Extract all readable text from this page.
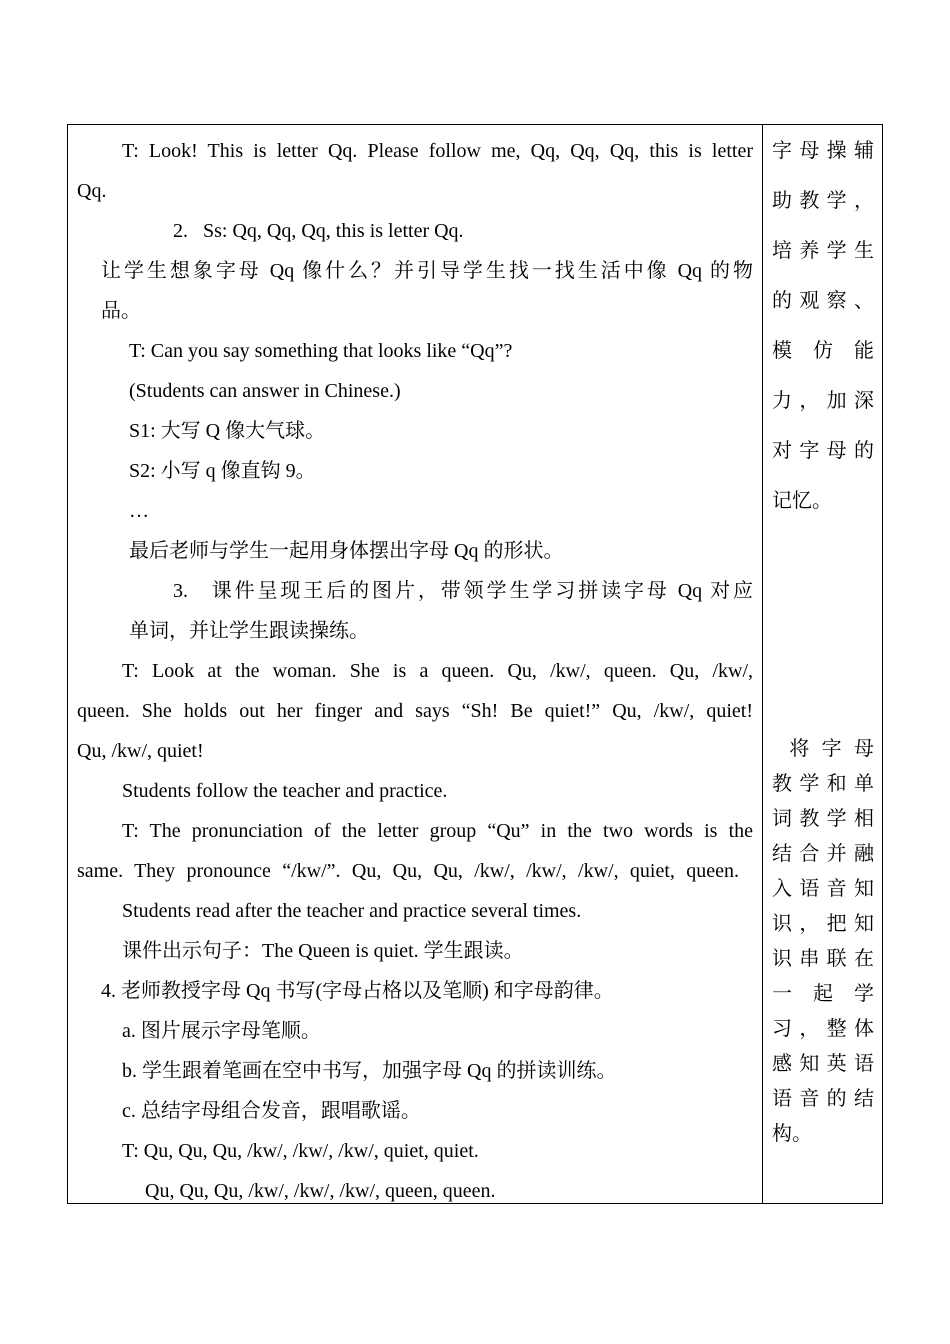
T: Look! This is letter Qq. Please follow me, Qq, Qq, Qq, this is letter
Qq.
2.   Ss: Qq, Qq, Qq, this is letter Qq.
让学生想象字母 Qq 像什么？并引导学生找一找生活中像 Qq 的物
品。
T: Can you say something that looks like “Qq”?
(Students can answer in Chinese.)
S1: 大写 Q 像大气球。
S2: 小写 q 像直钩 9。
…
最后老师与学生一起用身体摆出字母 Qq 的形状。
3.   课件呈现王后的图片，带领学生学习拼读字母 Qq 对应
单词，并让学生跟读操练。
T: Look at the woman. She is a queen. Qu, /kw/, queen. Qu, /kw/,
queen. She holds out her finger and says “Sh! Be quiet!” Qu, /kw/, quiet!
Qu, /kw/, quiet!
Students follow the teacher and practice.
T: The pronunciation of the letter group “Qu” in the two words is the
same. They pronounce “/kw/”. Qu, Qu, Qu, /kw/, /kw/, /kw/, quiet, queen.
Students read after the teacher and practice several times.
课件出示句子：The Queen is quiet. 学生跟读。
4. 老师教授字母 Qq 书写(字母占格以及笔顺) 和字母韵律。
a. 图片展示字母笔顺。
b. 学生跟着笔画在空中书写，加强字母 Qq 的拼读训练。
c. 总结字母组合发音，跟唱歌谣。
T: Qu, Qu, Qu, /kw/, /kw/, /kw/, quiet, quiet.
Qu, Qu, Qu, /kw/, /kw/, /kw/, queen, queen.
字母操辅
助教学，
培养学生
的观察、
模 仿 能
力，加深
对字母的
记忆。
将字母
教学和单
词教学相
结合并融
入语音知
识，把知
识串联在
一 起 学
习，整体
感知英语
语音的结
构。
